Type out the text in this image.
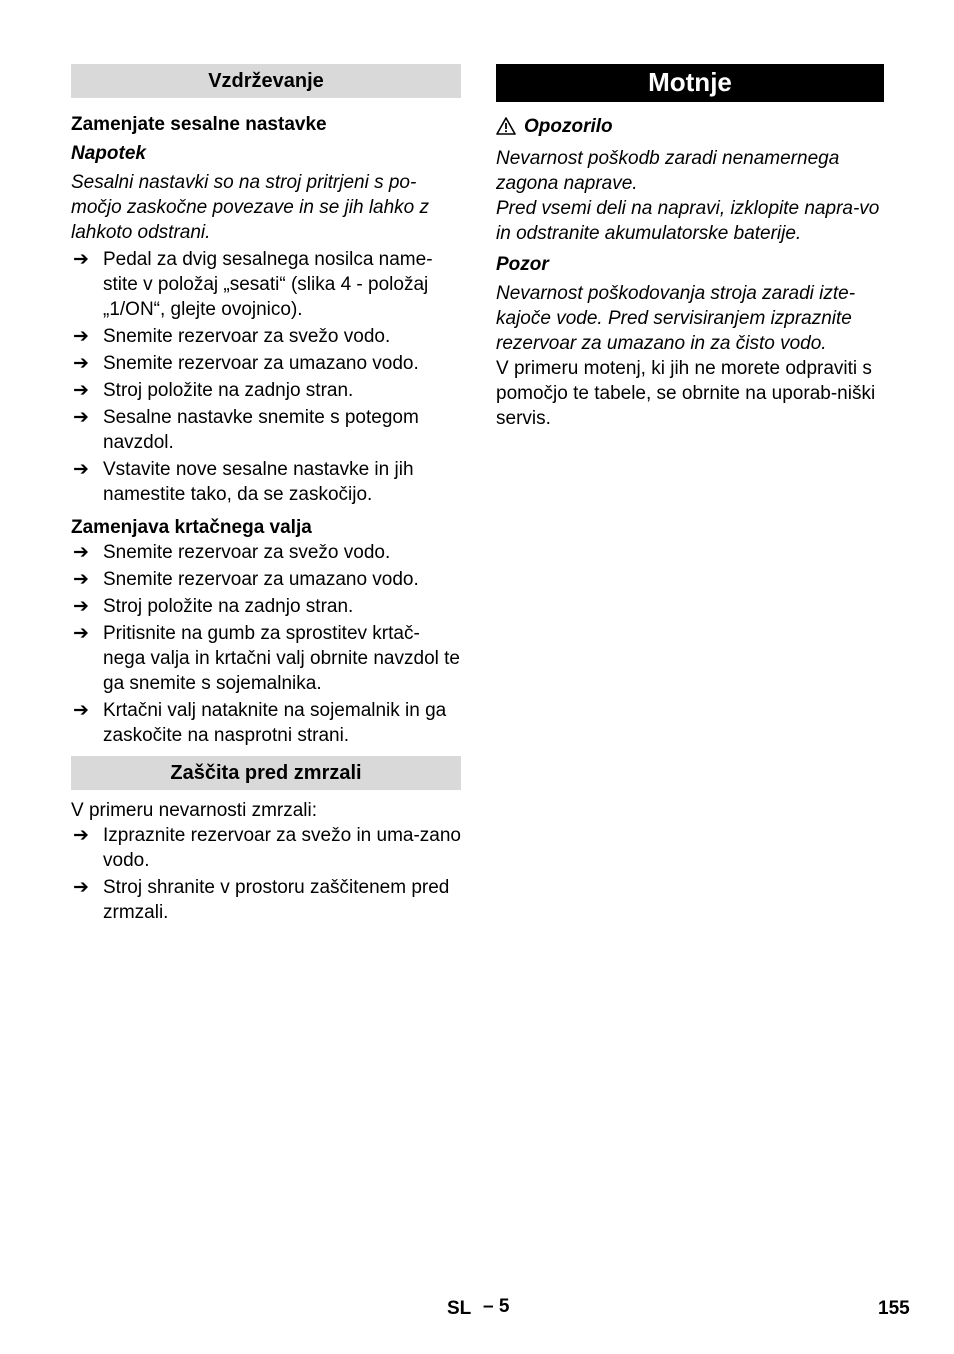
Vzdrževanje
Zamenjate sesalne nastavke
Napotek
Sesalni nastavki so na stroj pritrjeni s po-močjo zaskočne povezave in se jih lahko z lahkoto odstrani.
➔ Pedal za dvig sesalnega nosilca name-stite v položaj „sesati“ (slika 4 - položaj „1/ON“, glejte ovojnico).
➔ Snemite rezervoar za svežo vodo.
➔ Snemite rezervoar za umazano vodo.
➔ Stroj položite na zadnjo stran.
➔ Sesalne nastavke snemite s potegom navzdol.
➔ Vstavite nove sesalne nastavke in jih namestite tako, da se zaskočijo.
Zamenjava krtačnega valja
➔ Snemite rezervoar za svežo vodo.
➔ Snemite rezervoar za umazano vodo.
➔ Stroj položite na zadnjo stran.
➔ Pritisnite na gumb za sprostitev krtač-nega valja in krtačni valj obrnite navzdol te ga snemite s sojemalnika.
➔ Krtačni valj nataknite na sojemalnik in ga zaskočite na nasprotni strani.
Zaščita pred zmrzali
V primeru nevarnosti zmrzali:
➔ Izpraznite rezervoar za svežo in uma-zano vodo.
➔ Stroj shranite v prostoru zaščitenem pred zrmzali.
Motnje
Opozorilo
Nevarnost poškodb zaradi nenamernega zagona naprave.
Pred vsemi deli na napravi, izklopite napra-vo in odstranite akumulatorske baterije.
Pozor
Nevarnost poškodovanja stroja zaradi izte-kajoče vode. Pred servisiranjem izpraznite rezervoar za umazano in za čisto vodo.
V primeru motenj, ki jih ne morete odpraviti s pomočjo te tabele, se obrnite na uporab-niški servis.
SL – 5	155
